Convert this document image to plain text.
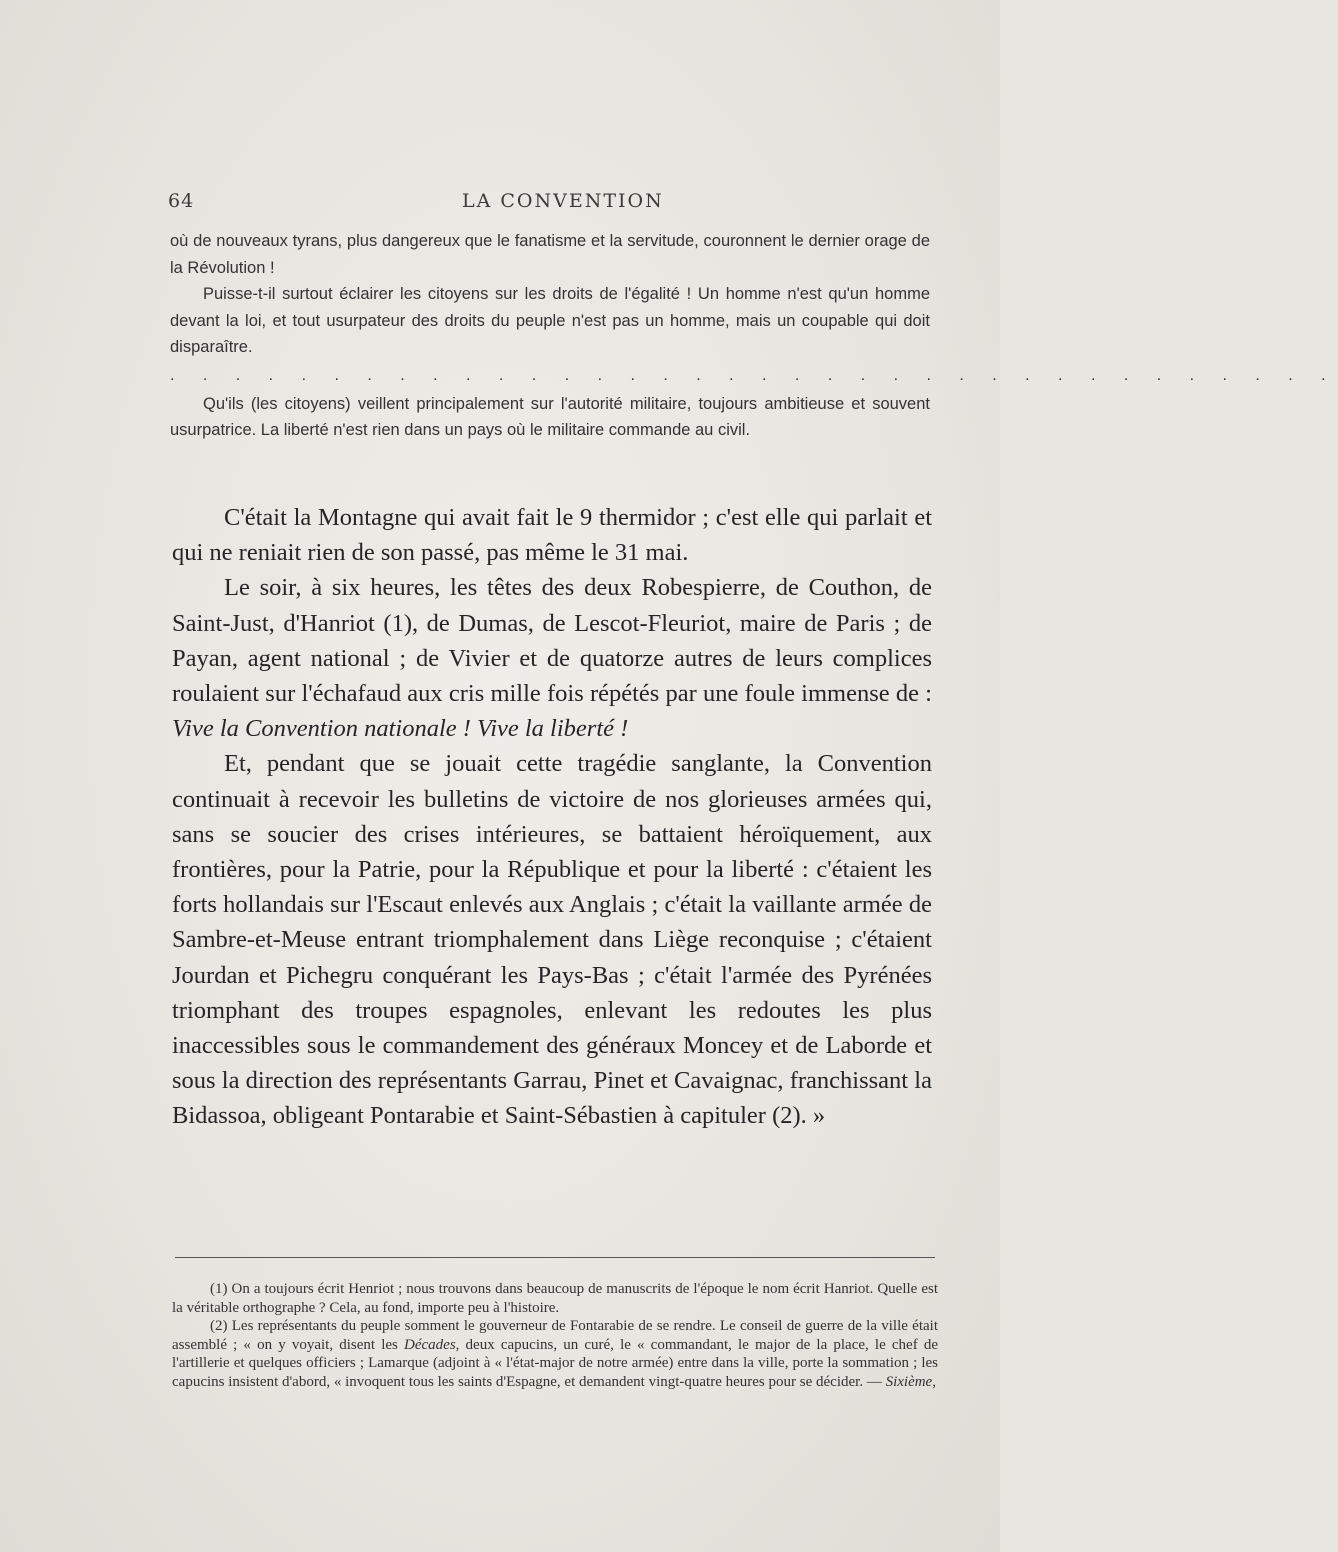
64	LA CONVENTION

où de nouveaux tyrans, plus dangereux que le fanatisme et la servitude, couronnent le dernier orage de la Révolution !

Puisse-t-il surtout éclairer les citoyens sur les droits de l'égalité ! Un homme n'est qu'un homme devant la loi, et tout usurpateur des droits du peuple n'est pas un homme, mais un coupable qui doit disparaître.

. . . . . . . . . . . . . . . . . . . . . . . . . . . . . . . . . . . .

Qu'ils (les citoyens) veillent principalement sur l'autorité militaire, toujours ambitieuse et souvent usurpatrice. La liberté n'est rien dans un pays où le militaire commande au civil.

C'était la Montagne qui avait fait le 9 thermidor ; c'est elle qui parlait et qui ne reniait rien de son passé, pas même le 31 mai.

Le soir, à six heures, les têtes des deux Robespierre, de Couthon, de Saint-Just, d'Hanriot (1), de Dumas, de Lescot-Fleuriot, maire de Paris ; de Payan, agent national ; de Vivier et de quatorze autres de leurs complices roulaient sur l'échafaud aux cris mille fois répétés par une foule immense de : Vive la Convention nationale ! Vive la liberté !

Et, pendant que se jouait cette tragédie sanglante, la Convention continuait à recevoir les bulletins de victoire de nos glorieuses armées qui, sans se soucier des crises intérieures, se battaient héroïquement, aux frontières, pour la Patrie, pour la République et pour la liberté : c'étaient les forts hollandais sur l'Escaut enlevés aux Anglais ; c'était la vaillante armée de Sambre-et-Meuse entrant triomphalement dans Liège reconquise ; c'étaient Jourdan et Pichegru conquérant les Pays-Bas ; c'était l'armée des Pyrénées triomphant des troupes espagnoles, enlevant les redoutes les plus inaccessibles sous le commandement des généraux Moncey et de Laborde et sous la direction des représentants Garrau, Pinet et Cavaignac, franchissant la Bidassoa, obligeant Pontarabie et Saint-Sébastien à capituler (2). »

(1) On a toujours écrit Henriot ; nous trouvons dans beaucoup de manuscrits de l'époque le nom écrit Hanriot. Quelle est la véritable orthographe ? Cela, au fond, importe peu à l'histoire.

(2) Les représentants du peuple somment le gouverneur de Fontarabie de se rendre. Le conseil de guerre de la ville était assemblé ; « on y voyait, disent les Décades, deux capucins, un curé, le « commandant, le major de la place, le chef de l'artillerie et quelques officiers ; Lamarque (adjoint à « l'état-major de notre armée) entre dans la ville, porte la sommation ; les capucins insistent d'abord, « invoquent tous les saints d'Espagne, et demandent vingt-quatre heures pour se décider. — Sixième,
